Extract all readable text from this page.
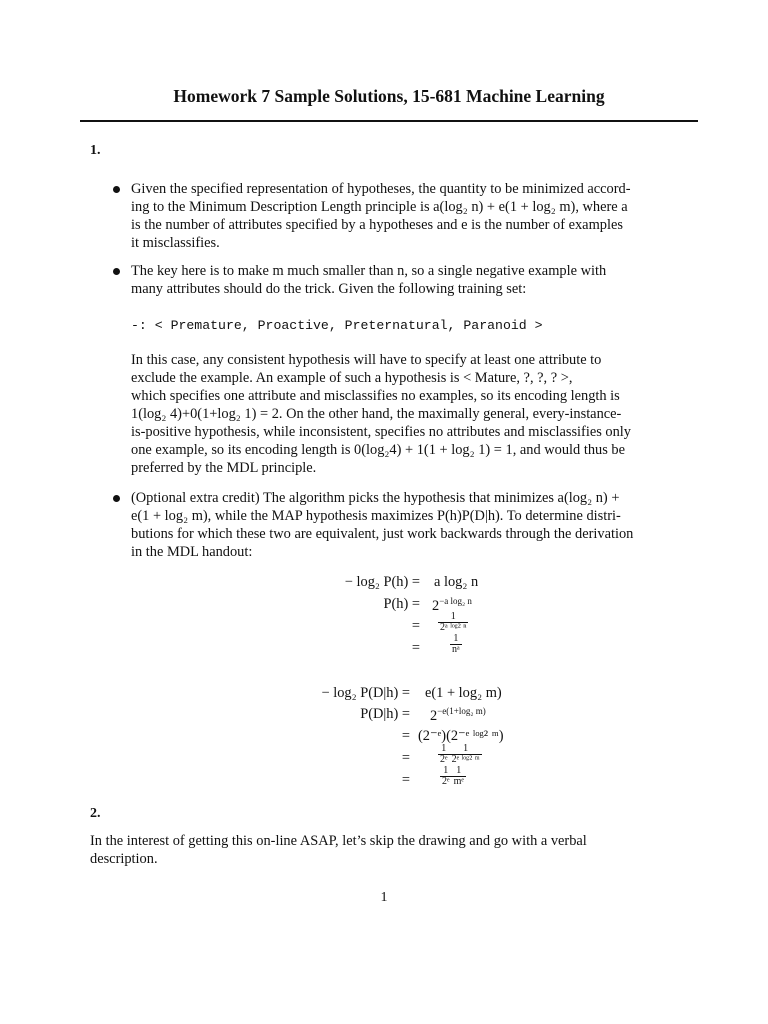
Homework 7 Sample Solutions, 15-681 Machine Learning
1.
Given the specified representation of hypotheses, the quantity to be minimized accord-
ing to the Minimum Description Length principle is a(log₂ n) + e(1 + log₂ m), where a
is the number of attributes specified by a hypotheses and e is the number of examples
it misclassifies.
The key here is to make m much smaller than n, so a single negative example with
many attributes should do the trick. Given the following training set:
-: < Premature, Proactive, Preternatural, Paranoid >
In this case, any consistent hypothesis will have to specify at least one attribute to
exclude the example. An example of such a hypothesis is < Mature, ?, ?, ? >,
which specifies one attribute and misclassifies no examples, so its encoding length is
1(log₂ 4)+0(1+log₂ 1) = 2. On the other hand, the maximally general, every-instance-
is-positive hypothesis, while inconsistent, specifies no attributes and misclassifies only
one example, so its encoding length is 0(log₂4) + 1(1 + log₂ 1) = 1, and would thus be
preferred by the MDL principle.
(Optional extra credit) The algorithm picks the hypothesis that minimizes a(log₂ n) +
e(1 + log₂ m), while the MAP hypothesis maximizes P(h)P(D|h). To determine distri-
butions for which these two are equivalent, just work backwards through the derivation
in the MDL handout:
− log₂ P(h) = a log₂ n
$P(h) = 2^{-a log_2 n}$
= $\frac{1}{\text{2ᵃ ˡᵒᵍ² ⁿ}}$
=	$\frac{1}{\text{nᵃ}}$
− log₂ P(D|h) = e(1 + log₂ m)
$P(D|h) = 2^{-e(1+log_2 m)}$
= (2⁻ᵉ)(2⁻ᵉ ˡᵒᵍ² ᵐ)
=	$\frac{1}{\text{2ᵉ}} \frac{1}{\text{2ᵉ ˡᵒᵍ² ᵐ}}$
=	$\frac{1}{\text{2ᵉ}} \frac{1}{\text{mᵉ}}$
2.
In the interest of getting this on-line ASAP, let’s skip the drawing and go with a verbal
description.
1
